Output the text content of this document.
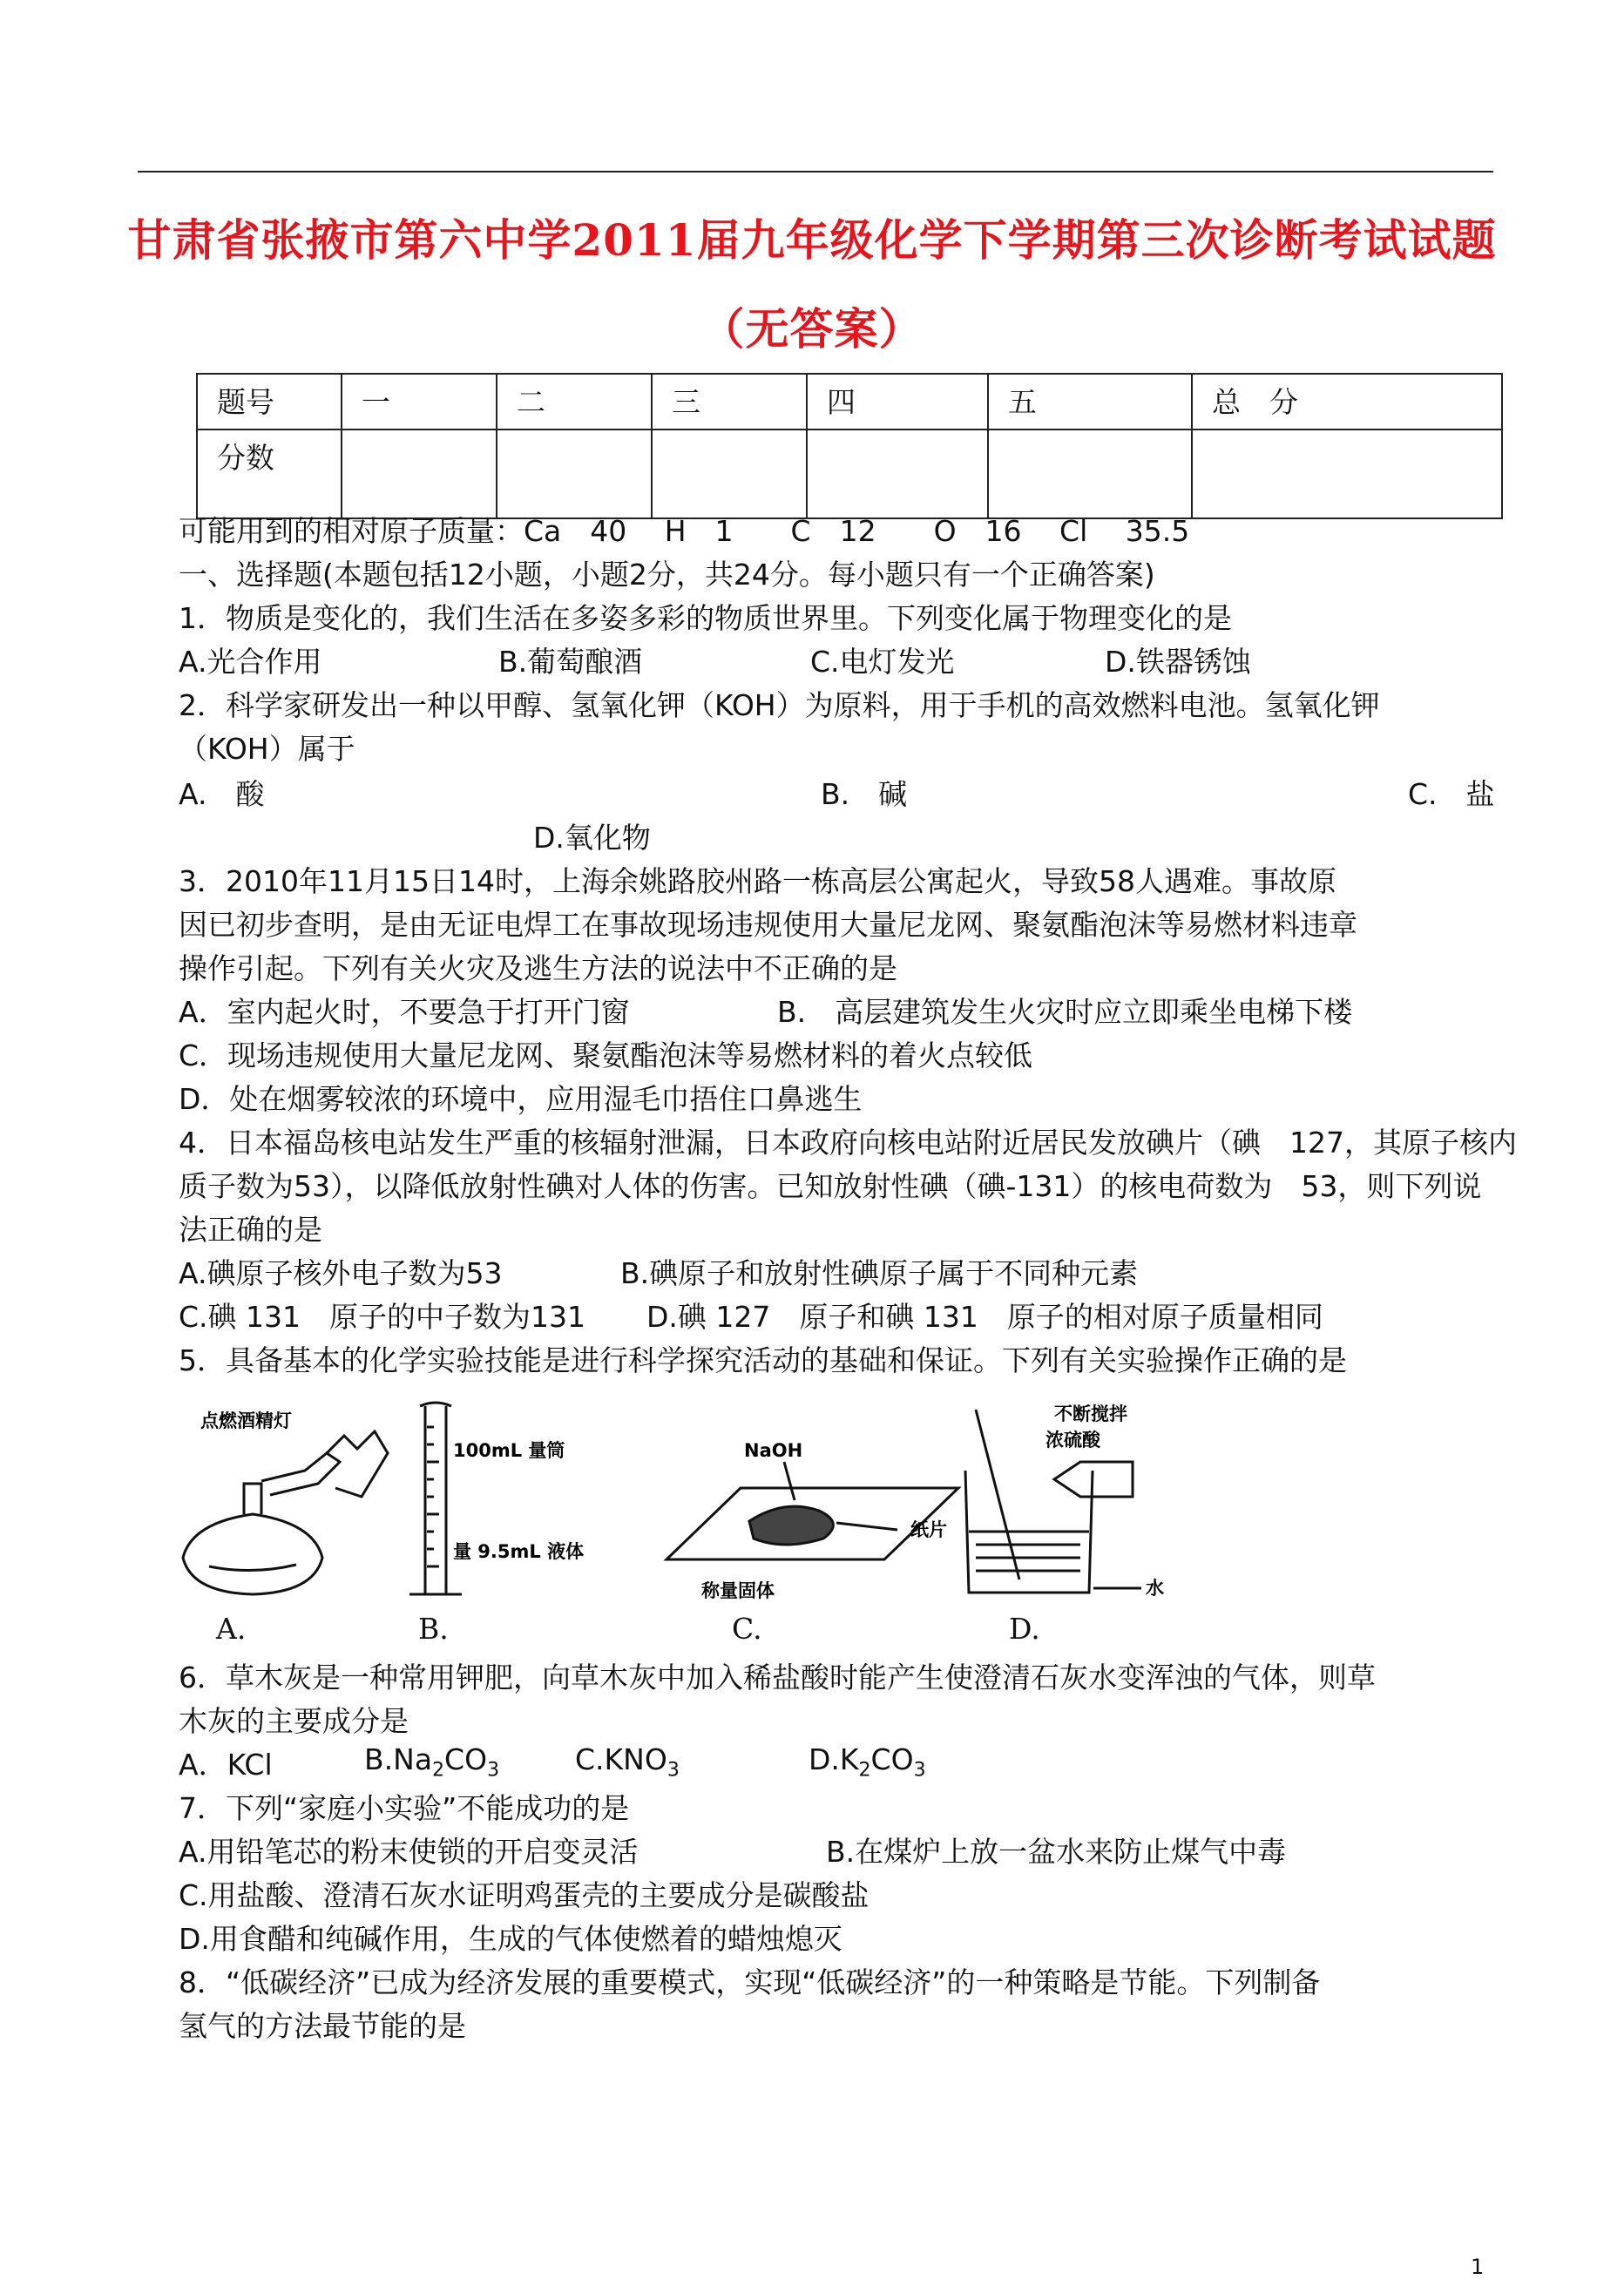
甘肃省张掖市第六中学2011届九年级化学下学期第三次诊断考试试题
（无答案）
题号	一	二	三	四	五	总　分
分数						
可能用到的相对原子质量：Ca　40　 H　1　　C　12　　O　16　 Cl　 35.5
一、选择题(本题包括12小题，小题2分，共24分。每小题只有一个正确答案)
1．物质是变化的，我们生活在多姿多彩的物质世界里。下列变化属于物理变化的是
A.光合作用	B.葡萄酿酒	C.电灯发光	D.铁器锈蚀
2．科学家研发出一种以甲醇、氢氧化钾（KOH）为原料，用于手机的高效燃料电池。氢氧化钾
（KOH）属于
A.　酸	B.　碱	C.　盐
D.氧化物
3．2010年11月15日14时，上海余姚路胶州路一栋高层公寓起火，导致58人遇难。事故原
因已初步查明，是由无证电焊工在事故现场违规使用大量尼龙网、聚氨酯泡沫等易燃材料违章
操作引起。下列有关火灾及逃生方法的说法中不正确的是
A．室内起火时，不要急于打开门窗	B.　高层建筑发生火灾时应立即乘坐电梯下楼
C．现场违规使用大量尼龙网、聚氨酯泡沫等易燃材料的着火点较低
D．处在烟雾较浓的环境中，应用湿毛巾捂住口鼻逃生
4．日本福岛核电站发生严重的核辐射泄漏，日本政府向核电站附近居民发放碘片（碘　127，其原子核内
质子数为53），以降低放射性碘对人体的伤害。已知放射性碘（碘-131）的核电荷数为　53，则下列说
法正确的是
A.碘原子核外电子数为53	B.碘原子和放射性碘原子属于不同种元素
C.碘 131　原子的中子数为131 D.碘 127　原子和碘 131　原子的相对原子质量相同
5．具备基本的化学实验技能是进行科学探究活动的基础和保证。下列有关实验操作正确的是
点燃酒精灯
100mL 量筒
量 9.5mL 液体
NaOH
纸片
称量固体
不断搅拌
浓硫酸
水
A.	B.	C.	D.
6．草木灰是一种常用钾肥，向草木灰中加入稀盐酸时能产生使澄清石灰水变浑浊的气体，则草
木灰的主要成分是
A．KCl	$B.Na_2CO_3$	$C.KNO_3$	$D.K_2CO_3$
7．下列“家庭小实验”不能成功的是
A.用铅笔芯的粉末使锁的开启变灵活	B.在煤炉上放一盆水来防止煤气中毒
C.用盐酸、澄清石灰水证明鸡蛋壳的主要成分是碳酸盐
D.用食醋和纯碱作用，生成的气体使燃着的蜡烛熄灭
8．“低碳经济”已成为经济发展的重要模式，实现“低碳经济”的一种策略是节能。下列制备
氢气的方法最节能的是
1
